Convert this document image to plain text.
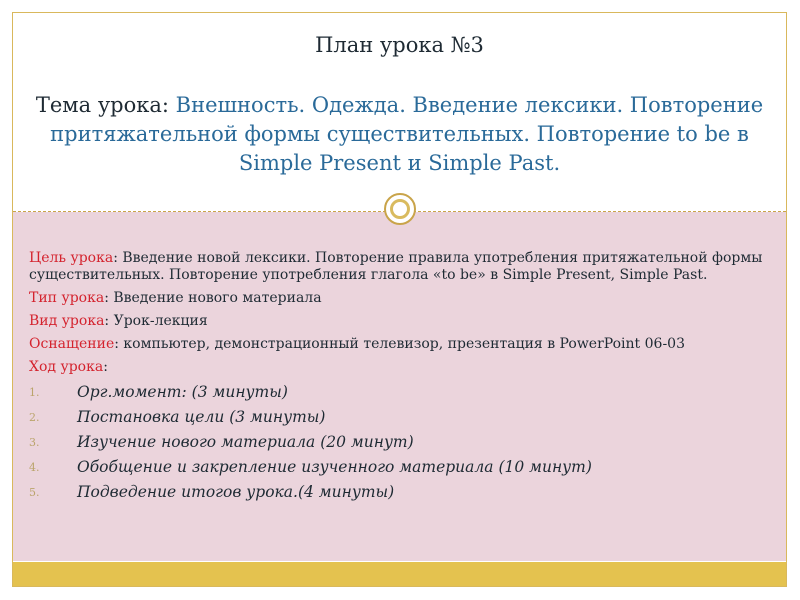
План урока №3
Тема урока: Внешность. Одежда. Введение лексики. Повторение притяжательной формы существительных. Повторение to be в Simple Present и Simple Past.

Цель урока: Введение новой лексики. Повторение правила употребления притяжательной формы существительных. Повторение употребления глагола «to be» в Simple Present, Simple Past.

Тип урока: Введение нового материала

Вид урока: Урок-лекция

Оснащение: компьютер, демонстрационный телевизор, презентация в PowerPoint 06-03

Ход урока:

1. Орг.момент: (3 минуты)
2. Постановка цели (3 минуты)
3. Изучение нового материала (20 минут)
4. Обобщение и закрепление изученного материала (10 минут)
5. Подведение итогов урока.(4 минуты)
